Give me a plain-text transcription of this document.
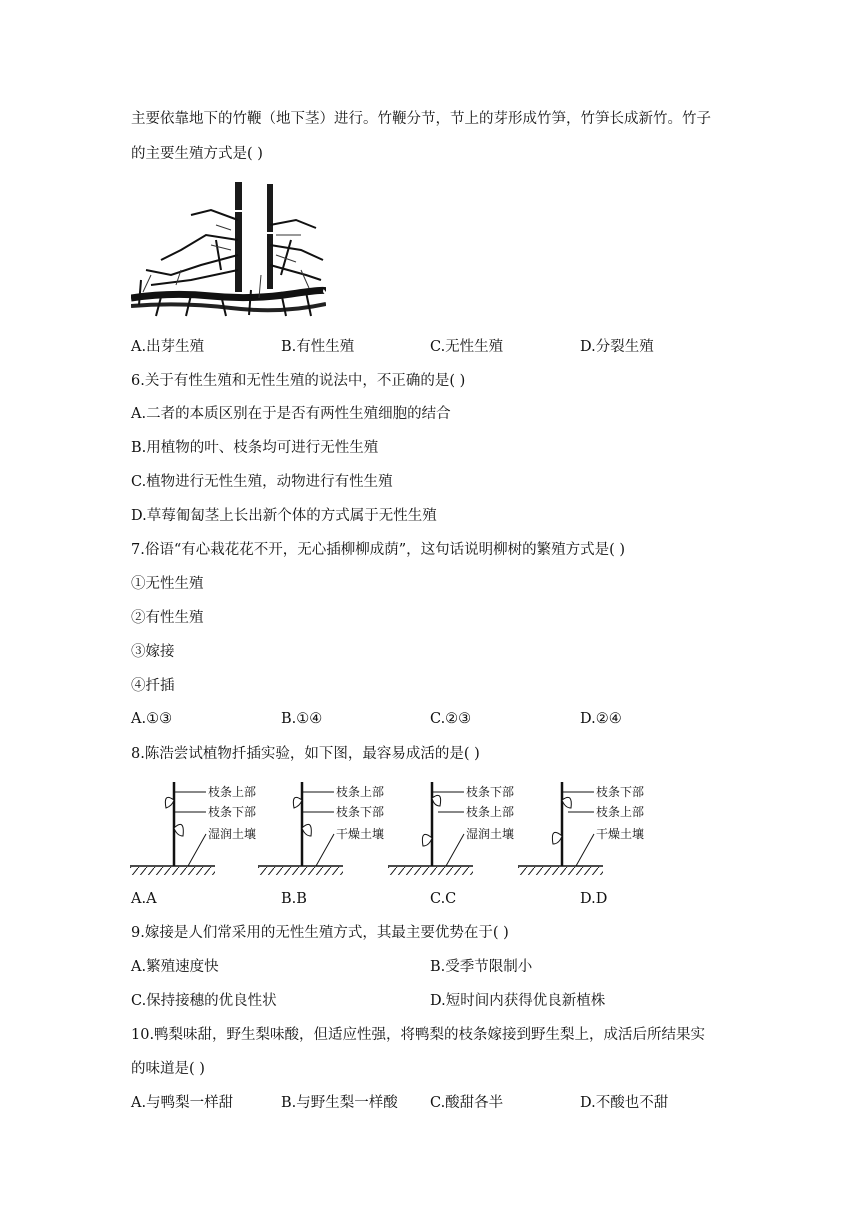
主要依靠地下的竹鞭（地下茎）进行。竹鞭分节，节上的芽形成竹笋，竹笋长成新竹。竹子
的主要生殖方式是( )
A.出芽生殖	B.有性生殖	C.无性生殖	D.分裂生殖
6.关于有性生殖和无性生殖的说法中，不正确的是( )
A.二者的本质区别在于是否有两性生殖细胞的结合
B.用植物的叶、枝条均可进行无性生殖
C.植物进行无性生殖，动物进行有性生殖
D.草莓匍匐茎上长出新个体的方式属于无性生殖
7.俗语“有心栽花花不开，无心插柳柳成荫”，这句话说明柳树的繁殖方式是( )
①无性生殖
②有性生殖
③嫁接
④扦插
A.①③	B.①④	C.②③	D.②④
8.陈浩尝试植物扦插实验，如下图，最容易成活的是( )
枝条上部
枝条下部
湿润土壤
枝条上部
枝条下部
干燥土壤
枝条下部
枝条上部
湿润土壤
枝条下部
枝条上部
干燥土壤
A.A	B.B	C.C	D.D
9.嫁接是人们常采用的无性生殖方式，其最主要优势在于( )
A.繁殖速度快	B.受季节限制小
C.保持接穗的优良性状	D.短时间内获得优良新植株
10.鸭梨味甜，野生梨味酸，但适应性强，将鸭梨的枝条嫁接到野生梨上，成活后所结果实
的味道是( )
A.与鸭梨一样甜	B.与野生梨一样酸 C.酸甜各半	D.不酸也不甜
